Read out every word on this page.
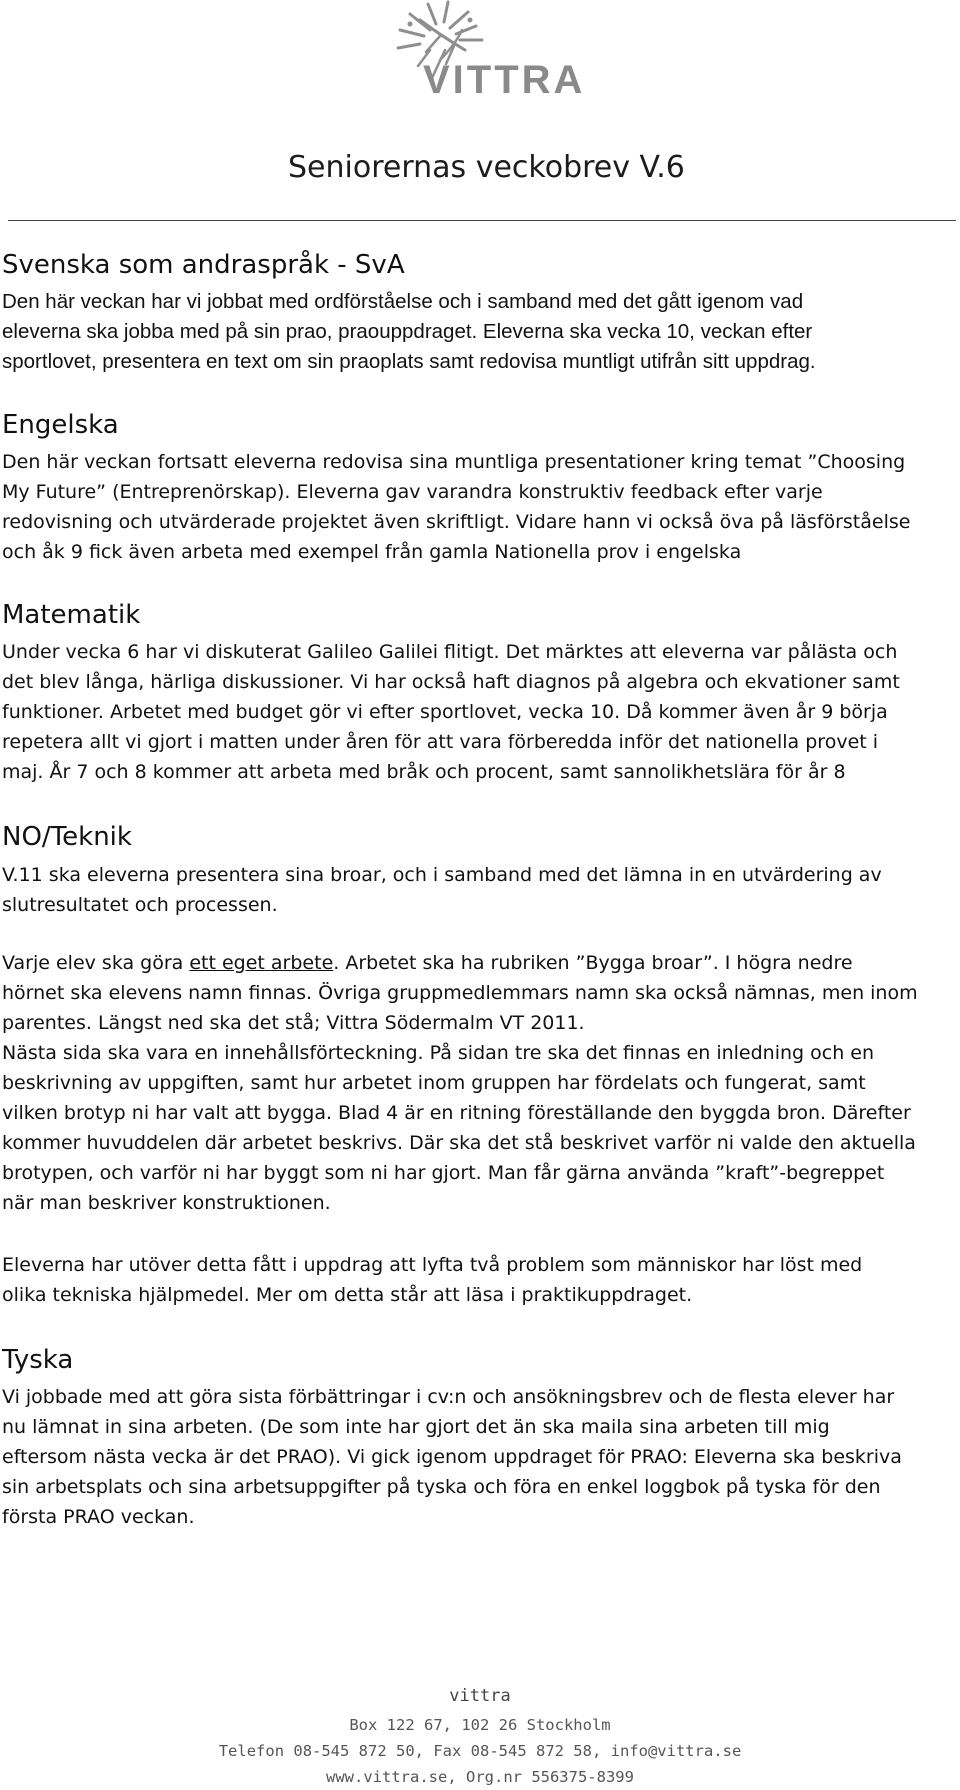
VITTRA
Seniorernas veckobrev V.6
Svenska som andraspråk - SvA
Den här veckan har vi jobbat med ordförståelse och i samband med det gått igenom vad
eleverna ska jobba med på sin prao, praouppdraget. Eleverna ska vecka 10, veckan efter
sportlovet, presentera en text om sin praoplats samt redovisa muntligt utifrån sitt uppdrag.
Engelska
Den här veckan fortsatt eleverna redovisa sina muntliga presentationer kring temat ”Choosing
My Future” (Entreprenörskap). Eleverna gav varandra konstruktiv feedback efter varje
redovisning och utvärderade projektet även skriftligt. Vidare hann vi också öva på läsförståelse
och åk 9 fick även arbeta med exempel från gamla Nationella prov i engelska
Matematik
Under vecka 6 har vi diskuterat Galileo Galilei flitigt. Det märktes att eleverna var pålästa och
det blev långa, härliga diskussioner. Vi har också haft diagnos på algebra och ekvationer samt
funktioner. Arbetet med budget gör vi efter sportlovet, vecka 10. Då kommer även år 9 börja
repetera allt vi gjort i matten under åren för att vara förberedda inför det nationella provet i
maj. År 7 och 8 kommer att arbeta med bråk och procent, samt sannolikhetslära för år 8
NO/Teknik
V.11 ska eleverna presentera sina broar, och i samband med det lämna in en utvärdering av
slutresultatet och processen.
Varje elev ska göra ett eget arbete. Arbetet ska ha rubriken ”Bygga broar”. I högra nedre
hörnet ska elevens namn finnas. Övriga gruppmedlemmars namn ska också nämnas, men inom
parentes. Längst ned ska det stå; Vittra Södermalm VT 2011.
Nästa sida ska vara en innehållsförteckning. På sidan tre ska det finnas en inledning och en
beskrivning av uppgiften, samt hur arbetet inom gruppen har fördelats och fungerat, samt
vilken brotyp ni har valt att bygga. Blad 4 är en ritning föreställande den byggda bron. Därefter
kommer huvuddelen där arbetet beskrivs. Där ska det stå beskrivet varför ni valde den aktuella
brotypen, och varför ni har byggt som ni har gjort. Man får gärna använda ”kraft”-begreppet
när man beskriver konstruktionen.
Eleverna har utöver detta fått i uppdrag att lyfta två problem som människor har löst med
olika tekniska hjälpmedel. Mer om detta står att läsa i praktikuppdraget.
Tyska
Vi jobbade med att göra sista förbättringar i cv:n och ansökningsbrev och de flesta elever har
nu lämnat in sina arbeten. (De som inte har gjort det än ska maila sina arbeten till mig
eftersom nästa vecka är det PRAO). Vi gick igenom uppdraget för PRAO: Eleverna ska beskriva
sin arbetsplats och sina arbetsuppgifter på tyska och föra en enkel loggbok på tyska för den
första PRAO veckan.
vittra
Box 122 67, 102 26 Stockholm
Telefon 08-545 872 50, Fax 08-545 872 58, info@vittra.se
www.vittra.se, Org.nr 556375-8399
